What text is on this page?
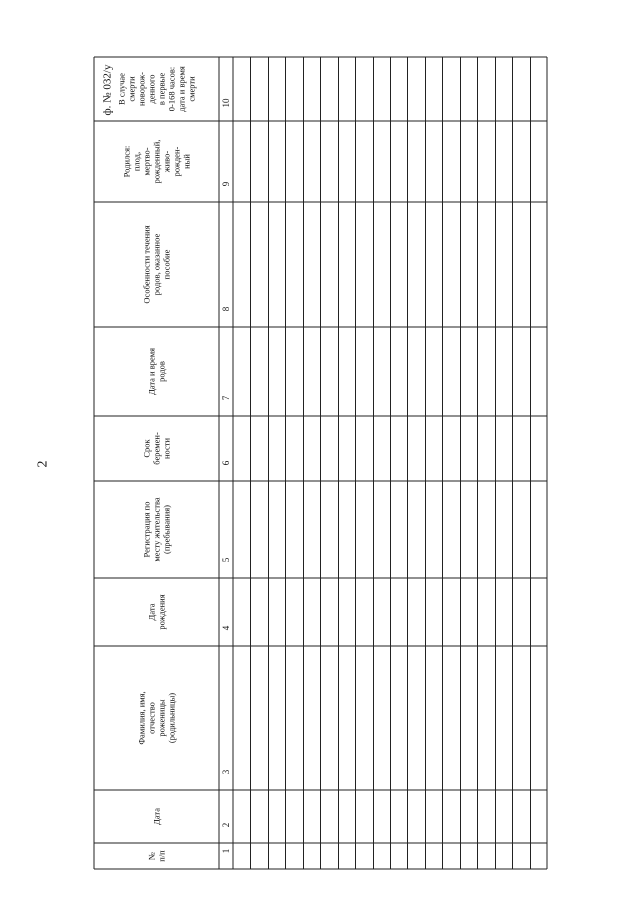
2
ф. № 032/у
№п/п
Дата
Фамилия, имя,отчествороженицы(родильницы)
Датарождения
Регистрация поместу жительства(пребывания)
Срокберемен-ности
Дата и времяродов
Особенности теченияродов, оказанноепособие
Родился:плод,мертво-рожденный,живо-рожден-ный
В случаесмертиноворож-денногов первые0-168 часов:дата и времясмерти
1
2
3
4
5
6
7
8
9
10
